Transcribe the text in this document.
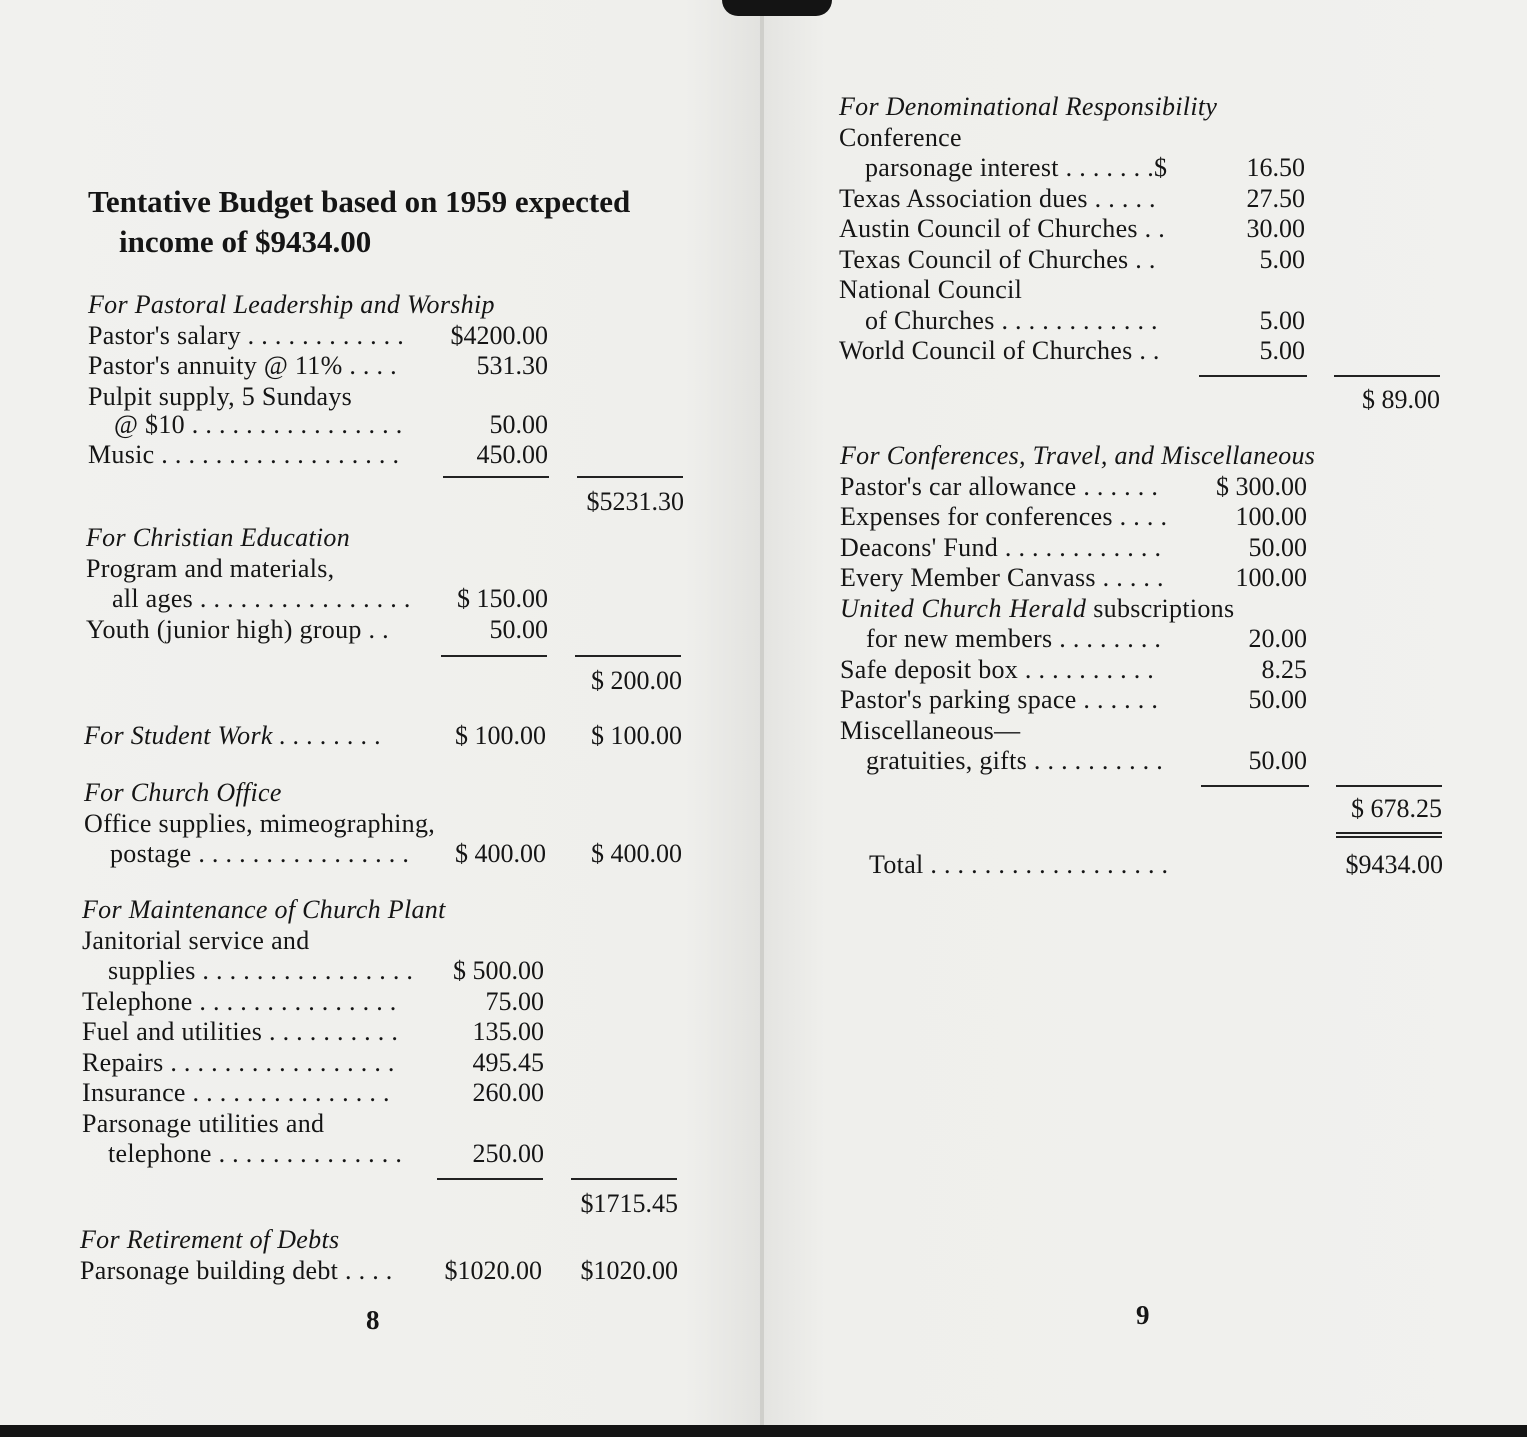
Tentative Budget based on 1959 expected
income of $9434.00
For Pastoral Leadership and Worship
Pastor's salary . . . . . . . . . . . . $4200.00
Pastor's annuity @ 11% . . . .	531.30
Pulpit supply, 5 Sundays
@ $10 . . . . . . . . . . . . . . . .	50.00
Music . . . . . . . . . . . . . . . . . .	450.00
$5231.30
For Christian Education
Program and materials,
all ages . . . . . . . . . . . . . . . . $ 150.00
Youth (junior high) group . .	50.00
$ 200.00
For Student Work . . . . . . . .	$ 100.00	$ 100.00
For Church Office
Office supplies, mimeographing,
postage . . . . . . . . . . . . . . . . $ 400.00	$ 400.00
For Maintenance of Church Plant
Janitorial service and
supplies . . . . . . . . . . . . . . . . $ 500.00
Telephone . . . . . . . . . . . . . . .	75.00
Fuel and utilities . . . . . . . . . .	135.00
Repairs . . . . . . . . . . . . . . . . .	495.45
Insurance . . . . . . . . . . . . . . .	260.00
Parsonage utilities and
telephone . . . . . . . . . . . . . .	250.00
$1715.45
For Retirement of Debts
Parsonage building debt . . . . $1020.00	$1020.00
8
For Denominational Responsibility
Conference
parsonage interest . . . . . . .$	16.50
Texas Association dues . . . . .	27.50
Austin Council of Churches . .	30.00
Texas Council of Churches . .	5.00
National Council
of Churches . . . . . . . . . . . .	5.00
World Council of Churches . .	5.00
$ 89.00
For Conferences, Travel, and Miscellaneous
Pastor's car allowance . . . . . . $ 300.00
Expenses for conferences . . . .	100.00
Deacons' Fund . . . . . . . . . . . .	50.00
Every Member Canvass . . . . .	100.00
United Church Herald subscriptions
for new members . . . . . . . .	20.00
Safe deposit box . . . . . . . . . .	8.25
Pastor's parking space . . . . . .	50.00
Miscellaneous—
gratuities, gifts . . . . . . . . . .	50.00
$ 678.25
Total . . . . . . . . . . . . . . . . . .	$9434.00
9
